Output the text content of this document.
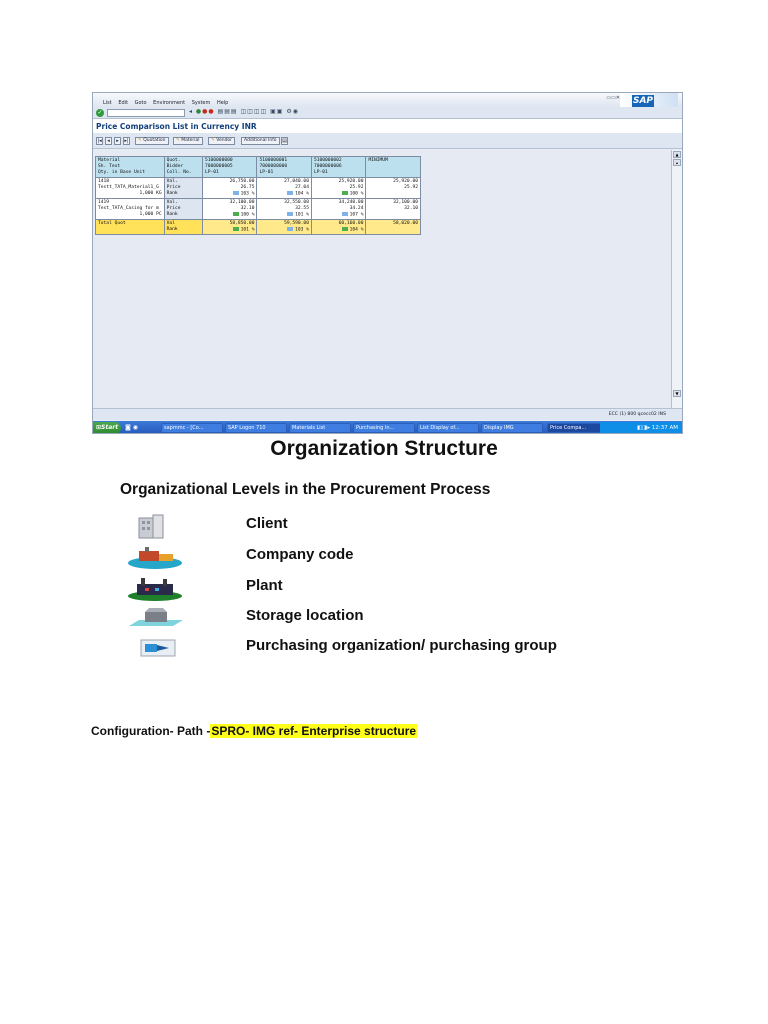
List Edit Goto Environment System Help
▭▭✕ SAP
✓	◂ ●●● ▤▤▤ ◫◫◫◫ ▣▣ ⚙◉
Price Comparison List in Currency INR
|◂	◂	▸	▸|	✎ Quotation	✎ Material	✎ Vendor	Additional Info	▤
Material
Sh. Text
Qty. in Base Unit	Quot.
Bidder
Coll. No.	5100000000
7000000005
LP-01	5100000001
7000000000
LP-01	5100000002
7000000006
LP-01	MINIMUM

1418
Testt_TATA_Material1_G
1,000 KG	Val.
Price
Rank	26,750.00
26.75
103 %	27,040.00
27.04
104 %	25,920.00
25.92
100 %	25,920.00
25.92

1419
Test_TATA_Casing for m
1,000 PC	Val.
Price
Rank	32,100.00
32.10
100 %	32,550.00
32.55
101 %	34,240.00
34.24
107 %	32,100.00
32.10

Total Quot	Val
Rank	58,850.00
101 %	59,590.00
103 %	60,160.00
104 %	58,020.00
▲
▴
▼
ECC (1) 800 qcecc02 INS
⊞Start	◙ ◉	sapmmc - [Co...	SAP Logon 710	Materials List	Purchasing In...	List Display of...	Display IMG	Price Compa...	◧◨▸ 12:37 AM
Organization Structure
Organizational Levels in the Procurement Process
Client
Company code
Plant
Storage location
Purchasing organization/ purchasing group
Configuration- Path -SPRO- IMG ref- Enterprise structure
